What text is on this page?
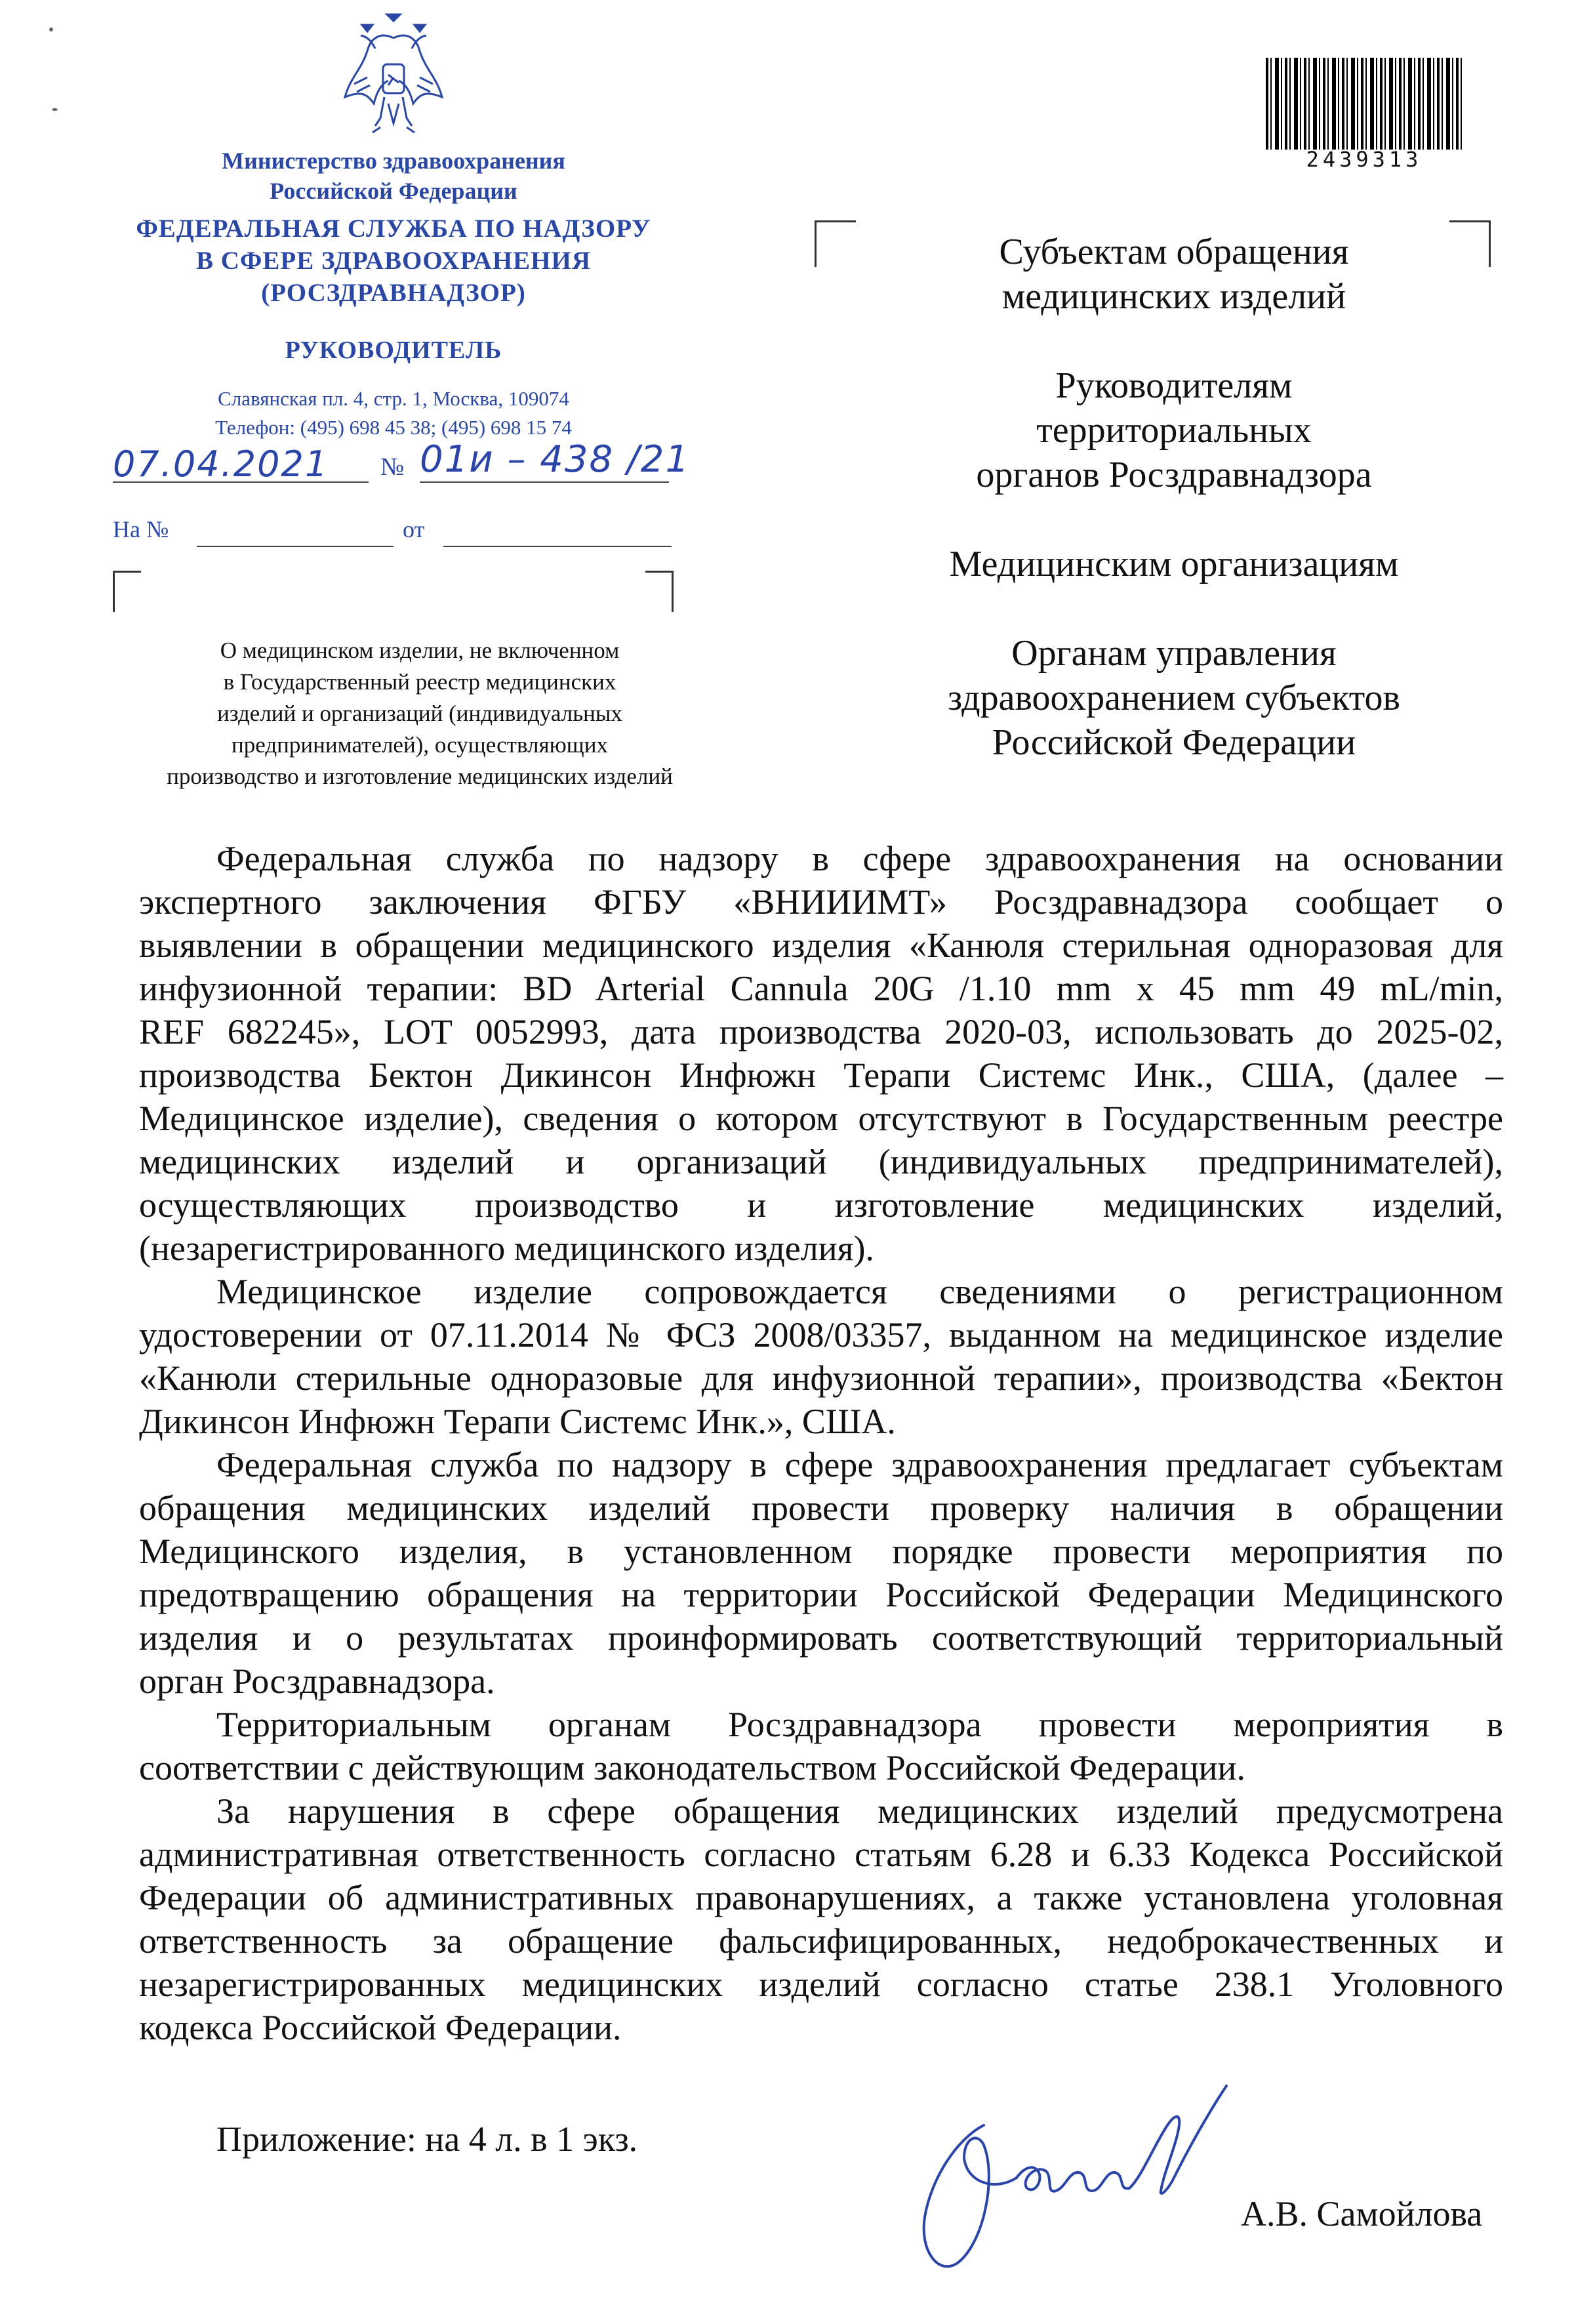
Министерство здравоохранения
Российской Федерации
ФЕДЕРАЛЬНАЯ СЛУЖБА ПО НАДЗОРУ
В СФЕРЕ ЗДРАВООХРАНЕНИЯ
(РОСЗДРАВНАДЗОР)
РУКОВОДИТЕЛЬ
Славянская пл. 4, стр. 1, Москва, 109074
Телефон: (495) 698 45 38; (495) 698 15 74
07.04.2021 № 01и – 438 /21
На №	от
О медицинском изделии, не включенном
в Государственный реестр медицинских
изделий и организаций (индивидуальных
предпринимателей), осуществляющих
производство и изготовление медицинских изделий
2439313
Субъектам обращения
медицинских изделий
Руководителям
территориальных
органов Росздравнадзора
Медицинским организациям
Органам управления
здравоохранением субъектов
Российской Федерации
Федеральная служба по надзору в сфере здравоохранения на основании
экспертного заключения ФГБУ «ВНИИИМТ» Росздравнадзора сообщает о
выявлении в обращении медицинского изделия «Канюля стерильная одноразовая для
инфузионной терапии: BD Arterial Cannula 20G /1.10 mm x 45 mm 49 mL/min,
REF 682245», LOT 0052993, дата производства 2020-03, использовать до 2025-02,
производства Бектон Дикинсон Инфюжн Терапи Систeмс Инк., США, (далее –
Медицинское изделие), сведения о котором отсутствуют в Государственным реестре
медицинских изделий и организаций (индивидуальных предпринимателей),
осуществляющих производство и изготовление медицинских изделий,
(незарегистрированного медицинского изделия).
Медицинское изделие сопровождается сведениями о регистрационном
удостоверении от 07.11.2014 № ФСЗ 2008/03357, выданном на медицинское изделие
«Канюли стерильные одноразовые для инфузионной терапии», производства «Бектон
Дикинсон Инфюжн Терапи Системс Инк.», США.
Федеральная служба по надзору в сфере здравоохранения предлагает субъектам
обращения медицинских изделий провести проверку наличия в обращении
Медицинского изделия, в установленном порядке провести мероприятия по
предотвращению обращения на территории Российской Федерации Медицинского
изделия и о результатах проинформировать соответствующий территориальный
орган Росздравнадзора.
Территориальным органам Росздравнадзора провести мероприятия в
соответствии с действующим законодательством Российской Федерации.
За нарушения в сфере обращения медицинских изделий предусмотрена
административная ответственность согласно статьям 6.28 и 6.33 Кодекса Российской
Федерации об административных правонарушениях, а также установлена уголовная
ответственность за обращение фальсифицированных, недоброкачественных и
незарегистрированных медицинских изделий согласно статье 238.1 Уголовного
кодекса Российской Федерации.
Приложение: на 4 л. в 1 экз.
А.В. Самойлова
